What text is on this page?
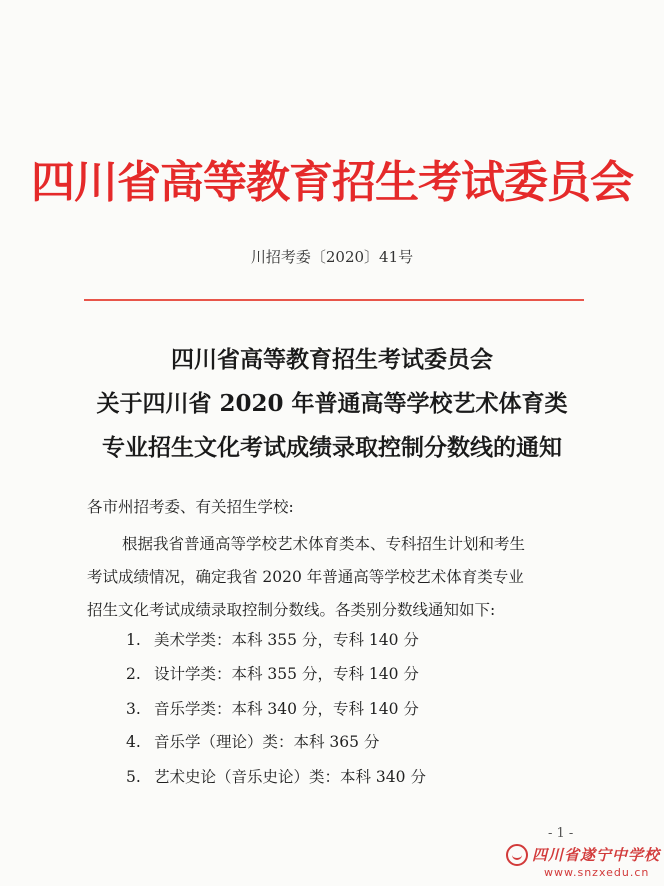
四川省高等教育招生考试委员会
川招考委〔2020〕41号
四川省高等教育招生考试委员会
关于四川省 2020 年普通高等学校艺术体育类
专业招生文化考试成绩录取控制分数线的通知
各市州招考委、有关招生学校:
根据我省普通高等学校艺术体育类本、专科招生计划和考生
考试成绩情况，确定我省 2020 年普通高等学校艺术体育类专业
招生文化考试成绩录取控制分数线。各类别分数线通知如下:
1. 美术学类：本科 355 分，专科 140 分
2. 设计学类：本科 355 分，专科 140 分
3. 音乐学类：本科 340 分，专科 140 分
4. 音乐学（理论）类：本科 365 分
5. 艺术史论（音乐史论）类：本科 340 分
- 1 -
四川省遂宁中学校
www.snzxedu.cn
